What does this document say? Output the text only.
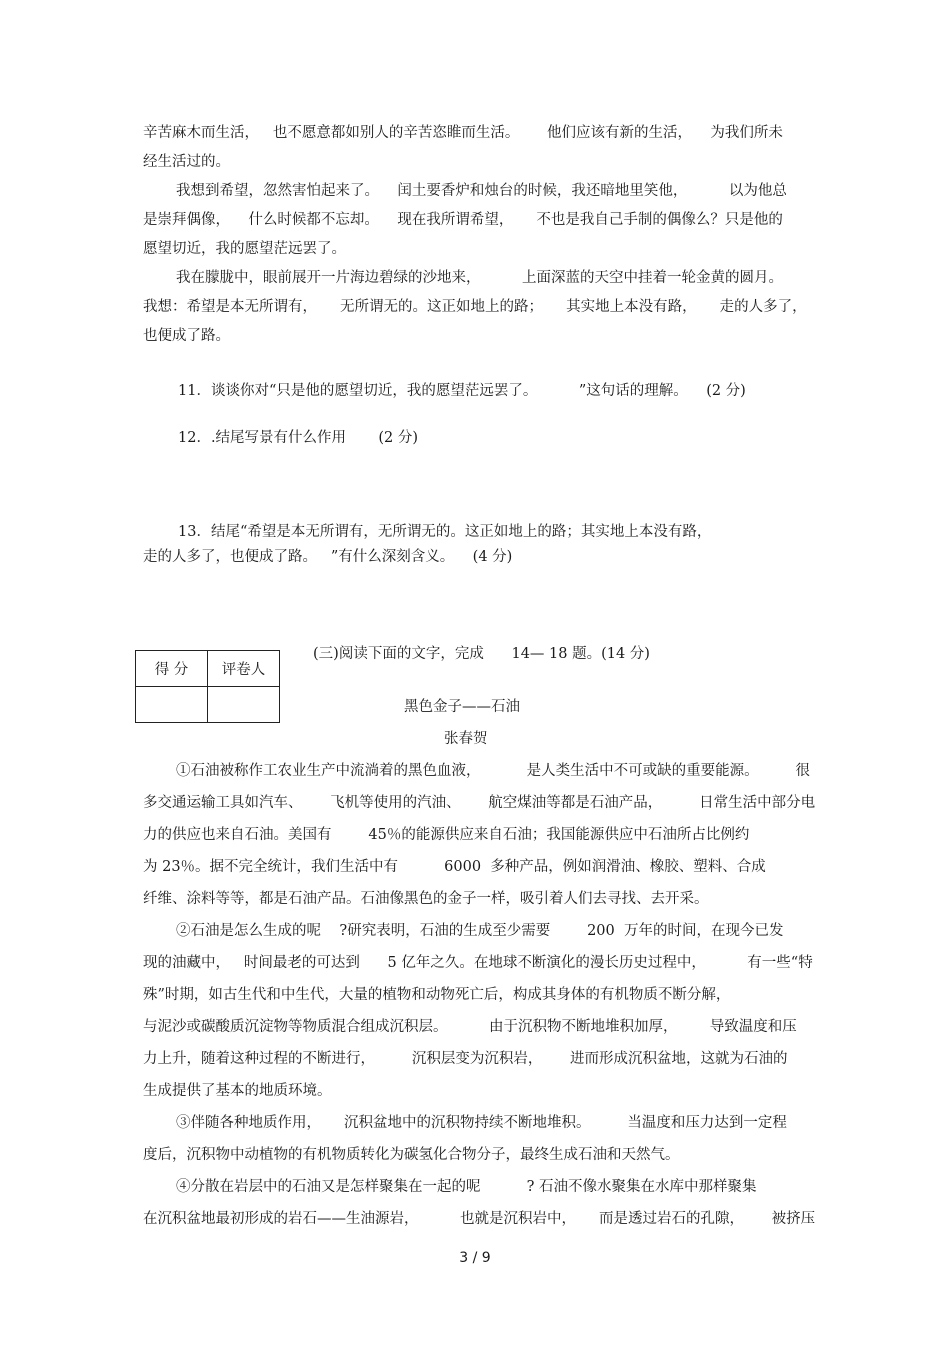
辛苦麻木而生活，   也不愿意都如别人的辛苦恣睢而生活。      他们应该有新的生活，    为我们所未
经生活过的。
我想到希望，忽然害怕起来了。    闰土要香炉和烛台的时候，我还暗地里笑他，         以为他总
是崇拜偶像，    什么时候都不忘却。    现在我所谓希望，     不也是我自己手制的偶像么？只是他的
愿望切近，我的愿望茫远罢了。
我在朦胧中，眼前展开一片海边碧绿的沙地来，         上面深蓝的天空中挂着一轮金黄的圆月。
我想：希望是本无所谓有，     无所谓无的。这正如地上的路；     其实地上本没有路，     走的人多了，
也便成了路。
11．谈谈你对“只是他的愿望切近，我的愿望茫远罢了。         ”这句话的理解。    (2 分)
12．.结尾写景有什么作用       (2 分)
13．结尾“希望是本无所谓有，无所谓无的。这正如地上的路；其实地上本没有路，
走的人多了，也便成了路。   ”有什么深刻含义。    (4 分)
得 分	评卷人

(三)阅读下面的文字，完成      14— 18 题。(14 分)
黑色金子——石油
张春贺
①石油被称作工农业生产中流淌着的黑色血液，          是人类生活中不可或缺的重要能源。        很
多交通运输工具如汽车、      飞机等使用的汽油、      航空煤油等都是石油产品，        日常生活中部分电
力的供应也来自石油。美国有        45％的能源供应来自石油；我国能源供应中石油所占比例约
为 23％。据不完全统计，我们生活中有          6000  多种产品，例如润滑油、橡胶、塑料、合成
纤维、涂料等等，都是石油产品。石油像黑色的金子一样，吸引着人们去寻找、去开采。
②石油是怎么生成的呢    ?研究表明，石油的生成至少需要        200  万年的时间，在现今已发
现的油藏中，   时间最老的可达到      5 亿年之久。在地球不断演化的漫长历史过程中，         有一些“特
殊”时期，如古生代和中生代，大量的植物和动物死亡后，构成其身体的有机物质不断分解，
与泥沙或碳酸质沉淀物等物质混合组成沉积层。         由于沉积物不断地堆积加厚，       导致温度和压
力上升，随着这种过程的不断进行，        沉积层变为沉积岩，      进而形成沉积盆地，这就为石油的
生成提供了基本的地质环境。
③伴随各种地质作用，     沉积盆地中的沉积物持续不断地堆积。        当温度和压力达到一定程
度后，沉积物中动植物的有机物质转化为碳氢化合物分子，最终生成石油和天然气。
④分散在岩层中的石油又是怎样聚集在一起的呢          ? 石油不像水聚集在水库中那样聚集
在沉积盆地最初形成的岩石——生油源岩，         也就是沉积岩中，     而是透过岩石的孔隙，      被挤压
3 / 9
